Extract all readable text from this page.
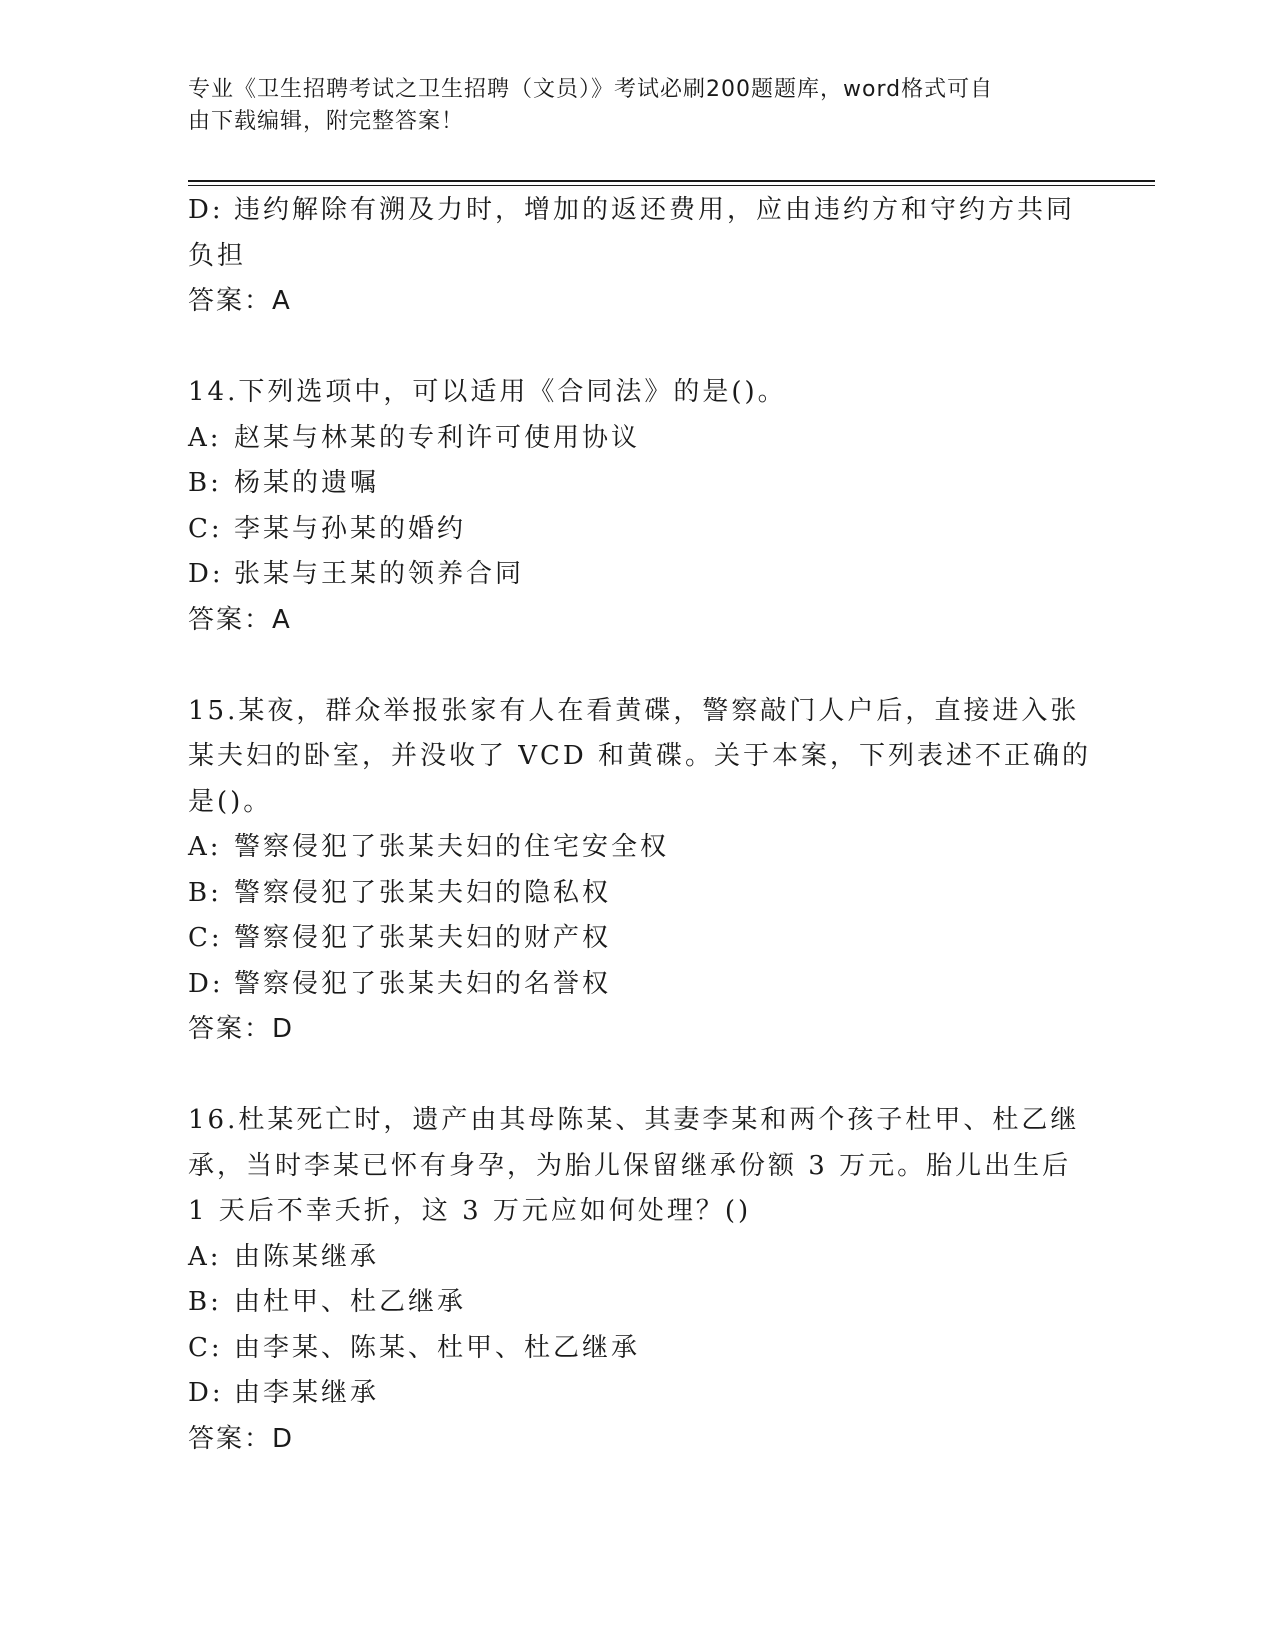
专业《卫生招聘考试之卫生招聘（文员）》考试必刷200题题库，word格式可自
由下载编辑，附完整答案！
D: 违约解除有溯及力时，增加的返还费用，应由违约方和守约方共同
负担
答案：A
14.下列选项中，可以适用《合同法》的是()。
A: 赵某与林某的专利许可使用协议
B: 杨某的遗嘱
C: 李某与孙某的婚约
D: 张某与王某的领养合同
答案：A
15.某夜，群众举报张家有人在看黄碟，警察敲门人户后，直接进入张
某夫妇的卧室，并没收了 VCD 和黄碟。关于本案，下列表述不正确的
是()。
A: 警察侵犯了张某夫妇的住宅安全权
B: 警察侵犯了张某夫妇的隐私权
C: 警察侵犯了张某夫妇的财产权
D: 警察侵犯了张某夫妇的名誉权
答案：D
16.杜某死亡时，遗产由其母陈某、其妻李某和两个孩子杜甲、杜乙继
承，当时李某已怀有身孕，为胎儿保留继承份额 3 万元。胎儿出生后
1 天后不幸夭折，这 3 万元应如何处理？()
A: 由陈某继承
B: 由杜甲、杜乙继承
C: 由李某、陈某、杜甲、杜乙继承
D: 由李某继承
答案：D
